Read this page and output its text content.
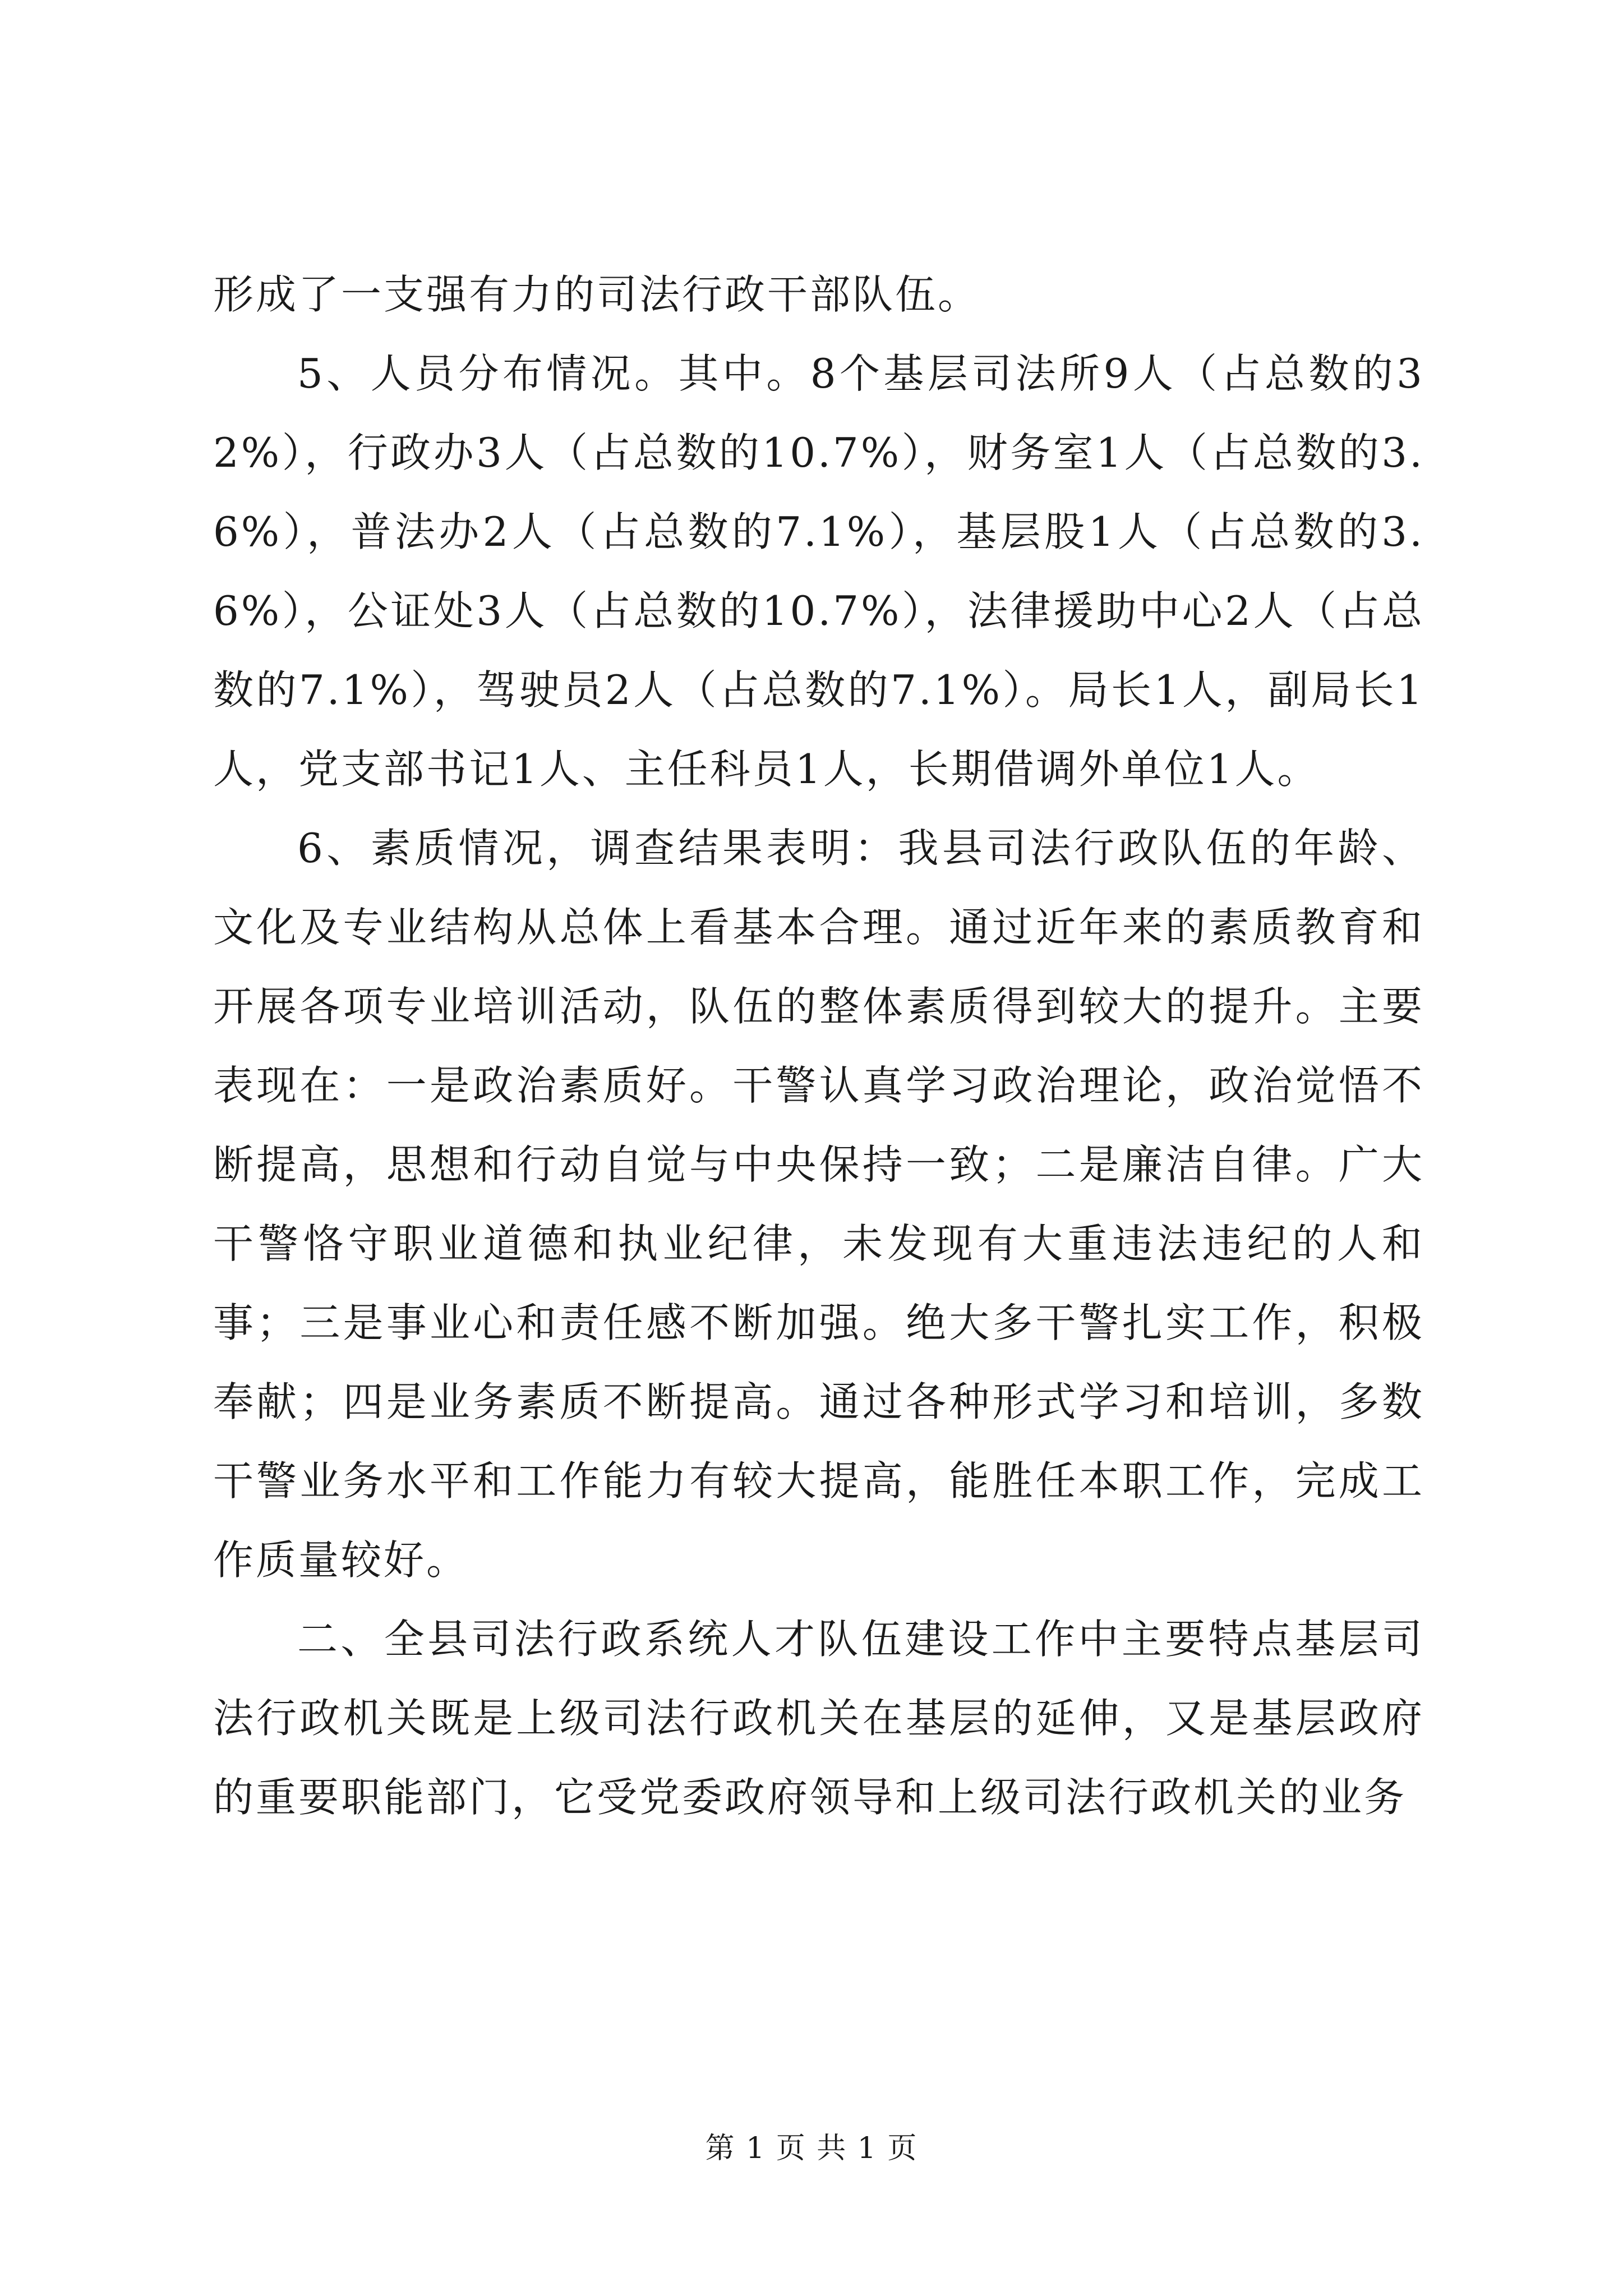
形成了一支强有力的司法行政干部队伍。

5、人员分布情况。其中。8个基层司法所9人（占总数的32%），行政办3人（占总数的10.7%），财务室1人（占总数的3.6%），普法办2人（占总数的7.1%），基层股1人（占总数的3.6%），公证处3人（占总数的10.7%），法律援助中心2人（占总数的7.1%），驾驶员2人（占总数的7.1%）。局长1人，副局长1人，党支部书记1人、主任科员1人，长期借调外单位1人。

6、素质情况，调查结果表明：我县司法行政队伍的年龄、文化及专业结构从总体上看基本合理。通过近年来的素质教育和开展各项专业培训活动，队伍的整体素质得到较大的提升。主要表现在：一是政治素质好。干警认真学习政治理论，政治觉悟不断提高，思想和行动自觉与中央保持一致；二是廉洁自律。广大干警恪守职业道德和执业纪律，未发现有大重违法违纪的人和事；三是事业心和责任感不断加强。绝大多干警扎实工作，积极奉献；四是业务素质不断提高。通过各种形式学习和培训，多数干警业务水平和工作能力有较大提高，能胜任本职工作，完成工作质量较好。

二、全县司法行政系统人才队伍建设工作中主要特点基层司法行政机关既是上级司法行政机关在基层的延伸，又是基层政府的重要职能部门，它受党委政府领导和上级司法行政机关的业务

第 1 页 共 1 页
